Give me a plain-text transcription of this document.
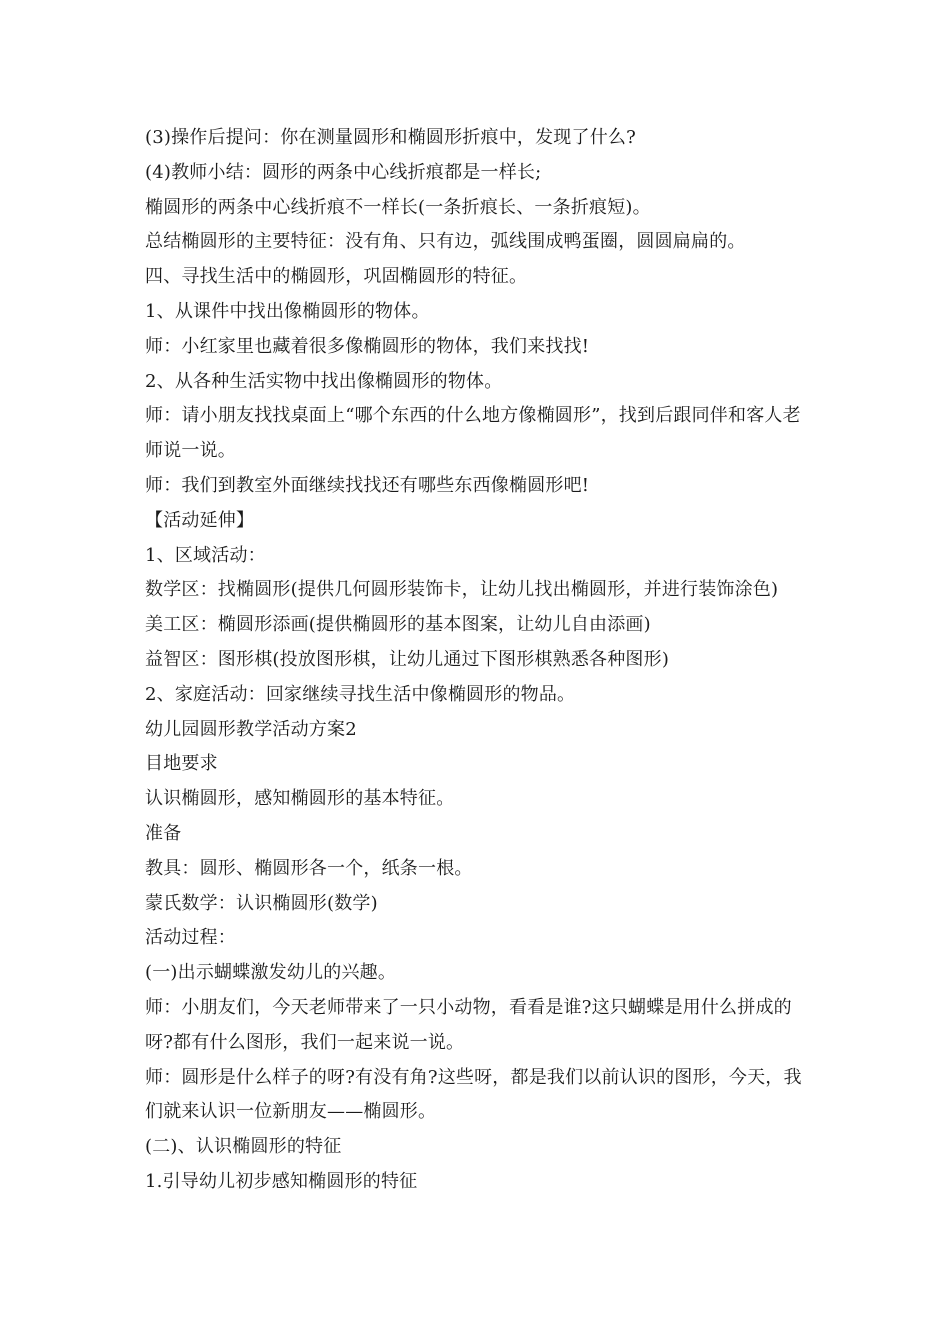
(3)操作后提问：你在测量圆形和椭圆形折痕中，发现了什么?

(4)教师小结：圆形的两条中心线折痕都是一样长;

椭圆形的两条中心线折痕不一样长(一条折痕长、一条折痕短)。

总结椭圆形的主要特征：没有角、只有边，弧线围成鸭蛋圈，圆圆扁扁的。

四、寻找生活中的椭圆形，巩固椭圆形的特征。

1、从课件中找出像椭圆形的物体。

师：小红家里也藏着很多像椭圆形的物体，我们来找找!

2、从各种生活实物中找出像椭圆形的物体。

师：请小朋友找找桌面上“哪个东西的什么地方像椭圆形”，找到后跟同伴和客人老师说一说。

师：我们到教室外面继续找找还有哪些东西像椭圆形吧!

【活动延伸】

1、区域活动：

数学区：找椭圆形(提供几何圆形装饰卡，让幼儿找出椭圆形，并进行装饰涂色)

美工区：椭圆形添画(提供椭圆形的基本图案，让幼儿自由添画)

益智区：图形棋(投放图形棋，让幼儿通过下图形棋熟悉各种图形)

2、家庭活动：回家继续寻找生活中像椭圆形的物品。

幼儿园圆形教学活动方案2

目地要求

认识椭圆形，感知椭圆形的基本特征。

准备

教具：圆形、椭圆形各一个，纸条一根。

蒙氏数学：认识椭圆形(数学)

活动过程：

(一)出示蝴蝶激发幼儿的兴趣。

师：小朋友们，今天老师带来了一只小动物，看看是谁?这只蝴蝶是用什么拼成的呀?都有什么图形，我们一起来说一说。

师：圆形是什么样子的呀?有没有角?这些呀，都是我们以前认识的图形，今天，我们就来认识一位新朋友——椭圆形。

(二)、认识椭圆形的特征

1.引导幼儿初步感知椭圆形的特征
